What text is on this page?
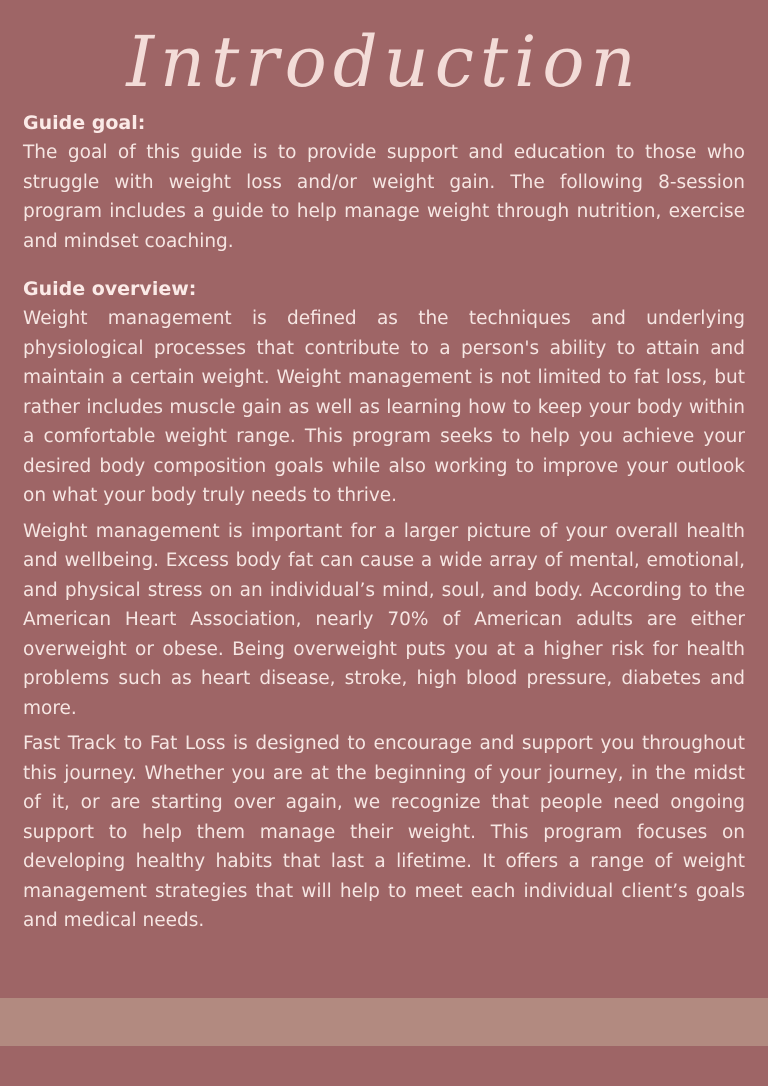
Introduction

Guide goal:

The goal of this guide is to provide support and education to those who struggle with weight loss and/or weight gain. The following 8-session program includes a guide to help manage weight through nutrition, exercise and mindset coaching.

Guide overview:

Weight management is defined as the techniques and underlying physiological processes that contribute to a person's ability to attain and maintain a certain weight. Weight management is not limited to fat loss, but rather includes muscle gain as well as learning how to keep your body within a comfortable weight range. This program seeks to help you achieve your desired body composition goals while also working to improve your outlook on what your body truly needs to thrive.

Weight management is important for a larger picture of your overall health and wellbeing. Excess body fat can cause a wide array of mental, emotional, and physical stress on an individual’s mind, soul, and body. According to the American Heart Association, nearly 70% of American adults are either overweight or obese. Being overweight puts you at a higher risk for health problems such as heart disease, stroke, high blood pressure, diabetes and more.

Fast Track to Fat Loss is designed to encourage and support you throughout this journey. Whether you are at the beginning of your journey, in the midst of it, or are starting over again, we recognize that people need ongoing support to help them manage their weight. This program focuses on developing healthy habits that last a lifetime. It offers a range of weight management strategies that will help to meet each individual client’s goals and medical needs.
